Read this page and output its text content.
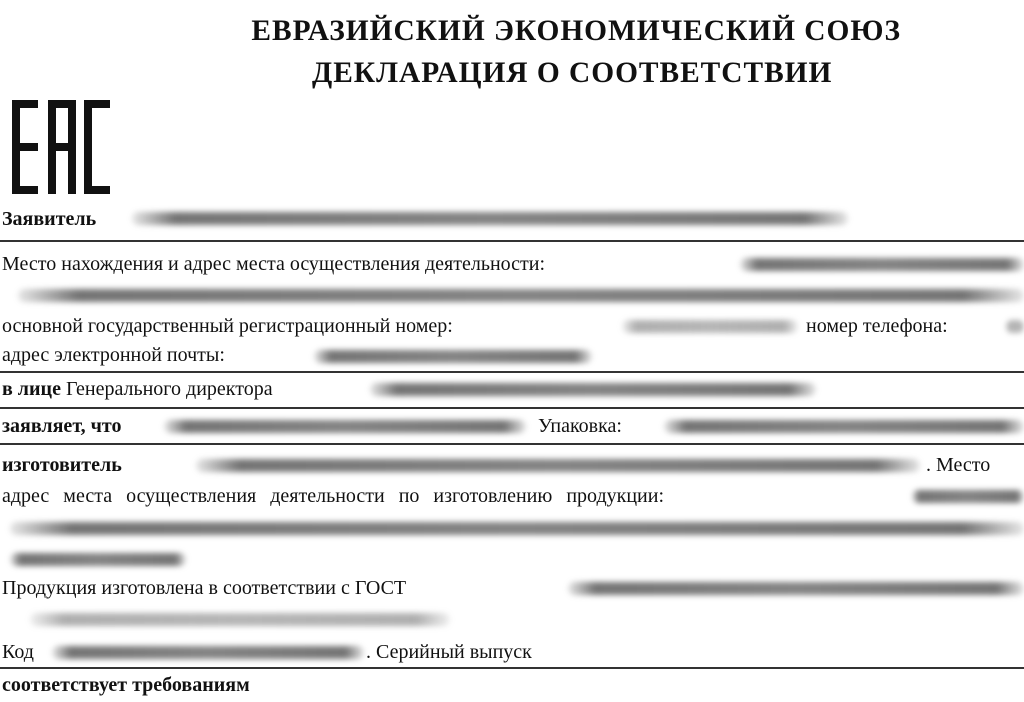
ЕВРАЗИЙСКИЙ ЭКОНОМИЧЕСКИЙ СОЮЗ
ДЕКЛАРАЦИЯ О СООТВЕТСТВИИ
Заявитель
Место нахождения и адрес места осуществления деятельности:
основной государственный регистрационный номер:	номер телефона:
адрес электронной почты:
в лице Генерального директора
заявляет, что	Упаковка:
изготовитель	. Место
адрес места осуществления деятельности по изготовлению продукции:
Продукция изготовлена в соответствии с ГОСТ
Код	. Серийный выпуск
соответствует требованиям
